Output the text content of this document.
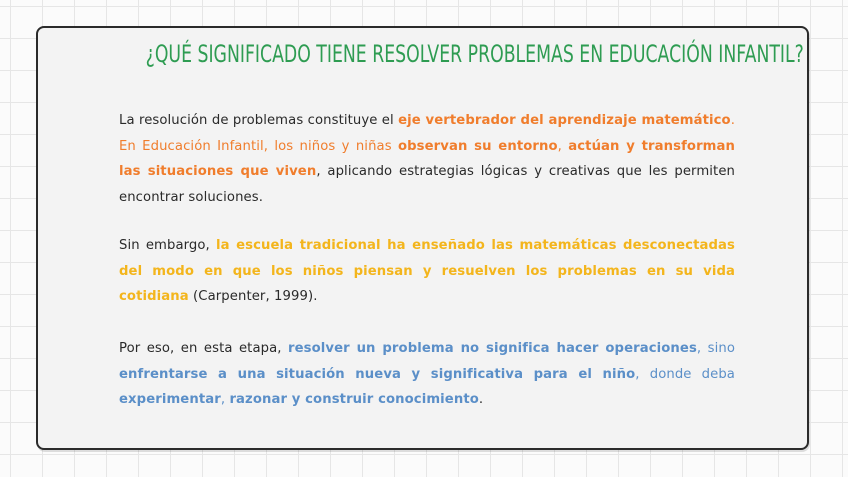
¿QUÉ SIGNIFICADO TIENE RESOLVER PROBLEMAS EN EDUCACIÓN INFANTIL?

La resolución de problemas constituye el eje vertebrador del aprendizaje matemático. En Educación Infantil, los niños y niñas observan su entorno, actúan y transforman las situaciones que viven, aplicando estrategias lógicas y creativas que les permiten encontrar soluciones.

Sin embargo, la escuela tradicional ha enseñado las matemáticas desconectadas del modo en que los niños piensan y resuelven los problemas en su vida cotidiana (Carpenter, 1999).

Por eso, en esta etapa, resolver un problema no significa hacer operaciones, sino enfrentarse a una situación nueva y significativa para el niño, donde deba experimentar, razonar y construir conocimiento.
